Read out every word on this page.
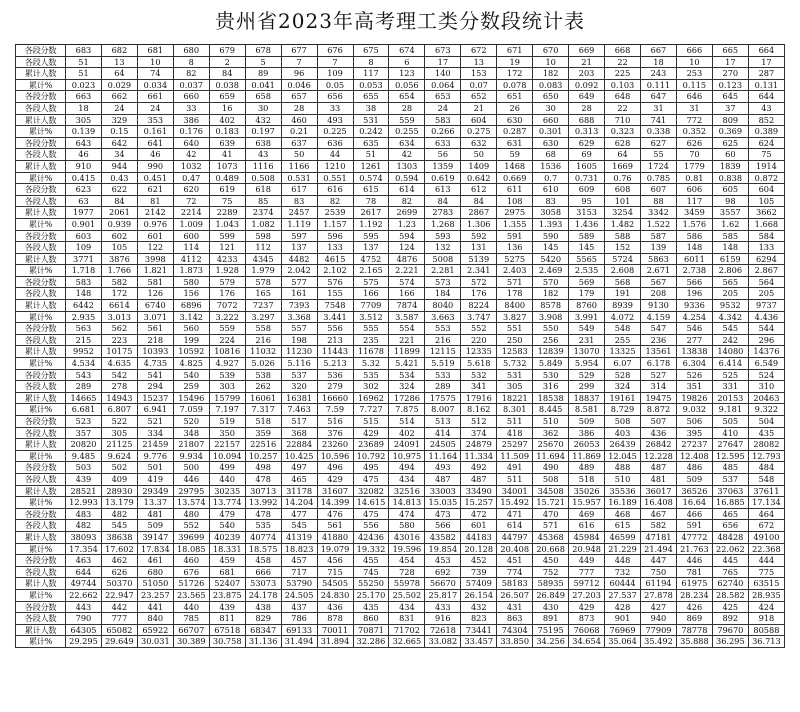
贵州省2023年高考理工类分数段统计表
各段分数	683	682	681	680	679	678	677	676	675	674	673	672	671	670	669	668	667	666	665	664
各段人数	51	13	10	8	2	5	7	7	8	6	17	13	19	10	21	22	18	10	17	17
累计人数	51	64	74	82	84	89	96	109	117	123	140	153	172	182	203	225	243	253	270	287
累计%	0.023	0.029	0.034	0.037	0.038	0.041	0.046	0.05	0.053	0.056	0.064	0.07	0.078	0.083	0.092	0.103	0.111	0.115	0.123	0.131
各段分数	663	662	661	660	659	658	657	656	655	654	653	652	651	650	649	648	647	646	645	644
各段人数	18	24	24	33	16	30	28	33	38	28	24	21	26	30	28	22	31	31	37	43
累计人数	305	329	353	386	402	432	460	493	531	559	583	604	630	660	688	710	741	772	809	852
累计%	0.139	0.15	0.161	0.176	0.183	0.197	0.21	0.225	0.242	0.255	0.266	0.275	0.287	0.301	0.313	0.323	0.338	0.352	0.369	0.389
各段分数	643	642	641	640	639	638	637	636	635	634	633	632	631	630	629	628	627	626	625	624
各段人数	46	34	46	42	41	43	50	44	51	42	56	50	59	68	69	64	55	70	60	75
累计人数	910	944	990	1032	1073	1116	1166	1210	1261	1303	1359	1409	1468	1536	1605	1669	1724	1779	1839	1914
累计%	0.415	0.43	0.451	0.47	0.489	0.508	0.531	0.551	0.574	0.594	0.619	0.642	0.669	0.7	0.731	0.76	0.785	0.81	0.838	0.872
各段分数	623	622	621	620	619	618	617	616	615	614	613	612	611	610	609	608	607	606	605	604
各段人数	63	84	81	72	75	85	83	82	78	82	84	84	108	83	95	101	88	117	98	105
累计人数	1977	2061	2142	2214	2289	2374	2457	2539	2617	2699	2783	2867	2975	3058	3153	3254	3342	3459	3557	3662
累计%	0.901	0.939	0.976	1.009	1.043	1.082	1.119	1.157	1.192	1.23	1.268	1.306	1.355	1.393	1.436	1.482	1.522	1.576	1.62	1.668
各段分数	603	602	601	600	599	598	597	596	595	594	593	592	591	590	589	588	587	586	585	584
各段人数	109	105	122	114	121	112	137	133	137	124	132	131	136	145	145	152	139	148	148	133
累计人数	3771	3876	3998	4112	4233	4345	4482	4615	4752	4876	5008	5139	5275	5420	5565	5724	5863	6011	6159	6294
累计%	1.718	1.766	1.821	1.873	1.928	1.979	2.042	2.102	2.165	2.221	2.281	2.341	2.403	2.469	2.535	2.608	2.671	2.738	2.806	2.867
各段分数	583	582	581	580	579	578	577	576	575	574	573	572	571	570	569	568	567	566	565	564
各段人数	148	172	126	156	176	165	161	155	166	166	184	176	178	182	179	191	208	196	205	205
累计人数	6442	6614	6740	6896	7072	7237	7393	7548	7709	7874	8040	8224	8400	8578	8760	8939	9130	9336	9532	9737
累计%	2.935	3.013	3.071	3.142	3.222	3.297	3.368	3.441	3.512	3.587	3.663	3.747	3.827	3.908	3.991	4.072	4.159	4.254	4.342	4.436
各段分数	563	562	561	560	559	558	557	556	555	554	553	552	551	550	549	548	547	546	545	544
各段人数	215	223	218	199	224	216	198	213	235	221	216	220	250	256	231	255	236	277	242	296
累计人数	9952	10175	10393	10592	10816	11032	11230	11443	11678	11899	12115	12335	12583	12839	13070	13325	13561	13838	14080	14376
累计%	4.534	4.635	4.735	4.825	4.927	5.026	5.116	5.213	5.32	5.421	5.519	5.618	5.732	5.849	5.954	6.07	6.178	6.304	6.414	6.549
各段分数	543	542	541	540	539	538	537	536	535	534	533	532	531	530	529	528	527	526	525	524
各段人数	289	278	294	259	303	262	320	279	302	324	289	341	305	316	299	324	314	351	331	310
累计人数	14665	14943	15237	15496	15799	16061	16381	16660	16962	17286	17575	17916	18221	18538	18837	19161	19475	19826	20153	20463
累计%	6.681	6.807	6.941	7.059	7.197	7.317	7.463	7.59	7.727	7.875	8.007	8.162	8.301	8.445	8.581	8.729	8.872	9.032	9.181	9.322
各段分数	523	522	521	520	519	518	517	516	515	514	513	512	511	510	509	508	507	506	505	504
各段人数	357	305	334	348	350	359	368	376	429	402	414	374	418	362	386	403	436	395	410	435
累计人数	20820	21125	21459	21807	22157	22516	22884	23260	23689	24091	24505	24879	25297	25670	26053	26439	26842	27237	27647	28082
累计%	9.485	9.624	9.776	9.934	10.094	10.257	10.425	10.596	10.792	10.975	11.164	11.334	11.509	11.694	11.869	12.045	12.228	12.408	12.595	12.793
各段分数	503	502	501	500	499	498	497	496	495	494	493	492	491	490	489	488	487	486	485	484
各段人数	439	409	419	446	440	478	465	429	475	434	487	487	511	508	518	510	481	509	537	548
累计人数	28521	28930	29349	29795	30235	30713	31178	31607	32082	32516	33003	33490	34001	34508	35026	35536	36017	36526	37063	37611
累计%	12.993	13.179	13.37	13.574	13.774	13.992	14.204	14.399	14.615	14.813	15.035	15.257	15.492	15.721	15.957	16.189	16.408	16.64	16.885	17.134
各段分数	483	482	481	480	479	478	477	476	475	474	473	472	471	470	469	468	467	466	465	464
各段人数	482	545	509	552	540	535	545	561	556	580	566	601	614	571	616	615	582	591	656	672
累计人数	38093	38638	39147	39699	40239	40774	41319	41880	42436	43016	43582	44183	44797	45368	45984	46599	47181	47772	48428	49100
累计%	17.354	17.602	17.834	18.085	18.331	18.575	18.823	19.079	19.332	19.596	19.854	20.128	20.408	20.668	20.948	21.229	21.494	21.763	22.062	22.368
各段分数	463	462	461	460	459	458	457	456	455	454	453	452	451	450	449	448	447	446	445	444
各段人数	644	626	680	676	681	666	717	715	745	728	692	739	774	752	777	732	750	781	765	775
累计人数	49744	50370	51050	51726	52407	53073	53790	54505	55250	55978	56670	57409	58183	58935	59712	60444	61194	61975	62740	63515
累计%	22.662	22.947	23.257	23.565	23.875	24.178	24.505	24.830	25.170	25.502	25.817	26.154	26.507	26.849	27.203	27.537	27.878	28.234	28.582	28.935
各段分数	443	442	441	440	439	438	437	436	435	434	433	432	431	430	429	428	427	426	425	424
各段人数	790	777	840	785	811	829	786	878	860	831	916	823	863	891	873	901	940	869	892	918
累计人数	64305	65082	65922	66707	67518	68347	69133	70011	70871	71702	72618	73441	74304	75195	76068	76969	77909	78778	79670	80588
累计%	29.295	29.649	30.031	30.389	30.758	31.136	31.494	31.894	32.286	32.665	33.082	33.457	33.850	34.256	34.654	35.064	35.492	35.888	36.295	36.713
